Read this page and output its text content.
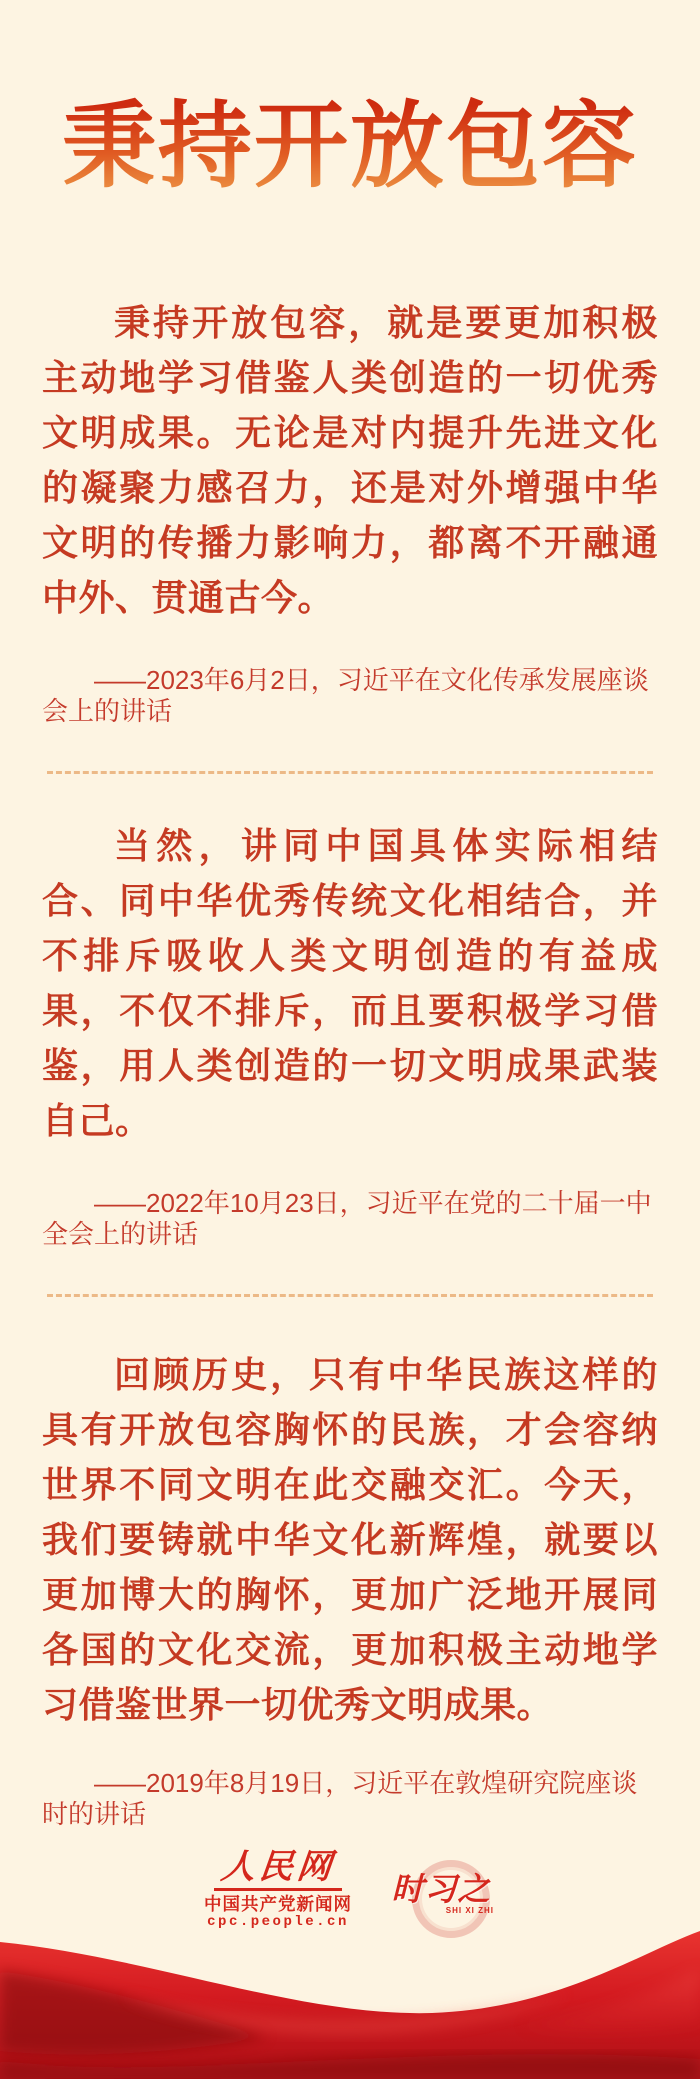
秉持开放包容

秉持开放包容，就是要更加积极主动地学习借鉴人类创造的一切优秀文明成果。无论是对内提升先进文化的凝聚力感召力，还是对外增强中华文明的传播力影响力，都离不开融通中外、贯通古今。

——2023年6月2日，习近平在文化传承发展座谈会上的讲话

当然，讲同中国具体实际相结合、同中华优秀传统文化相结合，并不排斥吸收人类文明创造的有益成果，不仅不排斥，而且要积极学习借鉴，用人类创造的一切文明成果武装自己。

——2022年10月23日，习近平在党的二十届一中全会上的讲话

回顾历史，只有中华民族这样的具有开放包容胸怀的民族，才会容纳世界不同文明在此交融交汇。今天，我们要铸就中华文化新辉煌，就要以更加博大的胸怀，更加广泛地开展同各国的文化交流，更加积极主动地学习借鉴世界一切优秀文明成果。

——2019年8月19日，习近平在敦煌研究院座谈时的讲话

人民网
中国共产党新闻网
cpc.people.cn
时习之
SHI XI ZHI
